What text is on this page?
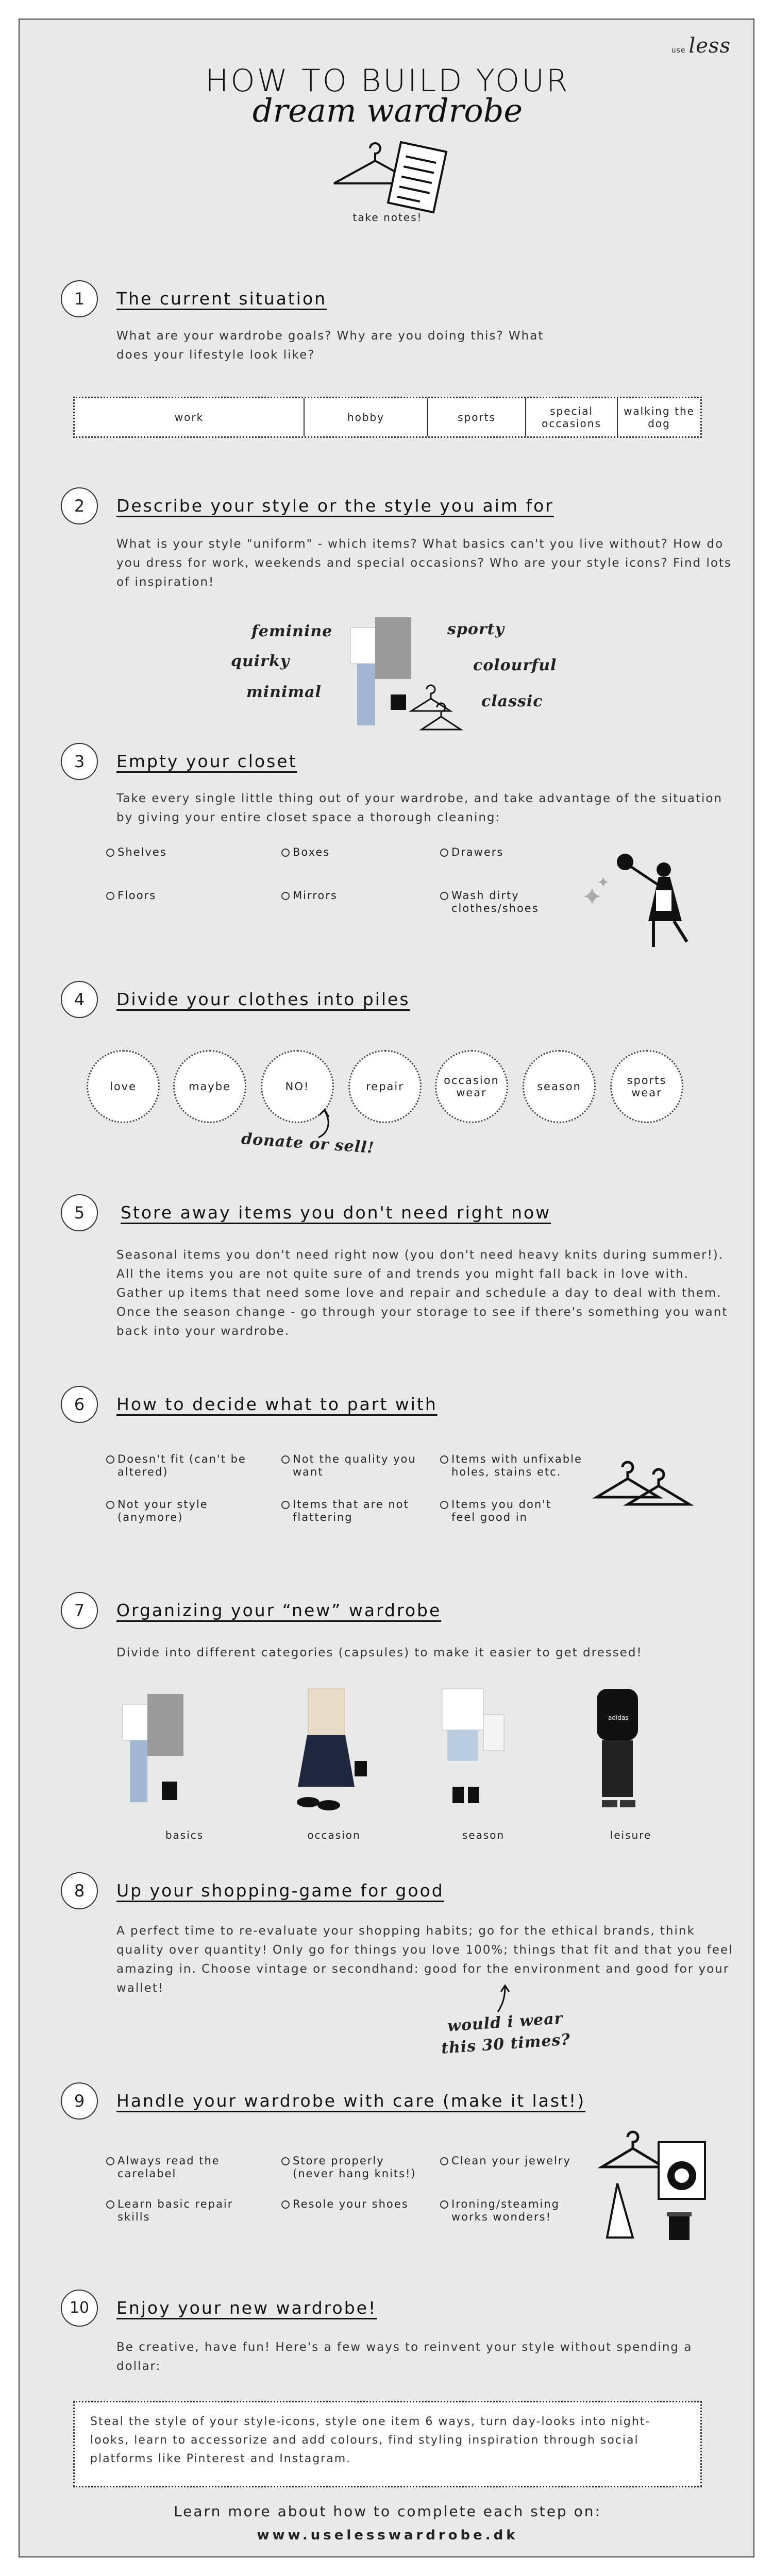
use less
HOW TO BUILD YOUR
dream wardrobe
take notes!
1	The current situation
What are your wardrobe goals? Why are you doing this? What does your lifestyle look like?
work	hobby	sports	special occasions
walking the dog
2	Describe your style or the style you aim for
What is your style "uniform" - which items? What basics can't you live without? How do you dress for work, weekends and special occasions? Who are your style icons? Find lots of inspiration!
feminine
quirky
minimal
sporty
colourful
classic
3	Empty your closet
Take every single little thing out of your wardrobe, and take advantage of the situation by giving your entire closet space a thorough cleaning:
Shelves	Boxes	Drawers
Floors	Mirrors	Wash dirty clothes/shoes	✦
✦
4	Divide your clothes into piles
love	maybe	NO!	repair	occasion wear	season	sports wear
donate or sell!
5	Store away items you don't need right now
Seasonal items you don't need right now (you don't need heavy knits during summer!). All the items you are not quite sure of and trends you might fall back in love with. Gather up items that need some love and repair and schedule a day to deal with them. Once the season change - go through your storage to see if there's something you want back into your wardrobe.
6	How to decide what to part with
Doesn't fit (can't be altered)
Not the quality you want
Items with unfixable holes, stains etc.
Not your style (anymore)
Items that are not flattering
Items you don't feel good in
7	Organizing your “new” wardrobe
Divide into different categories (capsules) to make it easier to get dressed!
adidas
basics	occasion	season	leisure
8	Up your shopping-game for good
A perfect time to re-evaluate your shopping habits; go for the ethical brands, think quality over quantity! Only go for things you love 100%; things that fit and that you feel amazing in. Choose vintage or secondhand: good for the environment and good for your wallet!
would i wear
this 30 times?
9	Handle your wardrobe with care (make it last!)
Always read the carelabel
Store properly (never hang knits!)
Clean your jewelry
Learn basic repair skills
Resole your shoes	Ironing/steaming works wonders!
10	Enjoy your new wardrobe!
Be creative, have fun! Here's a few ways to reinvent your style without spending a dollar:
Steal the style of your style-icons, style one item 6 ways, turn day-looks into night-looks, learn to accessorize and add colours, find styling inspiration through social platforms like Pinterest and Instagram.
Learn more about how to complete each step on:
www.uselesswardrobe.dk
